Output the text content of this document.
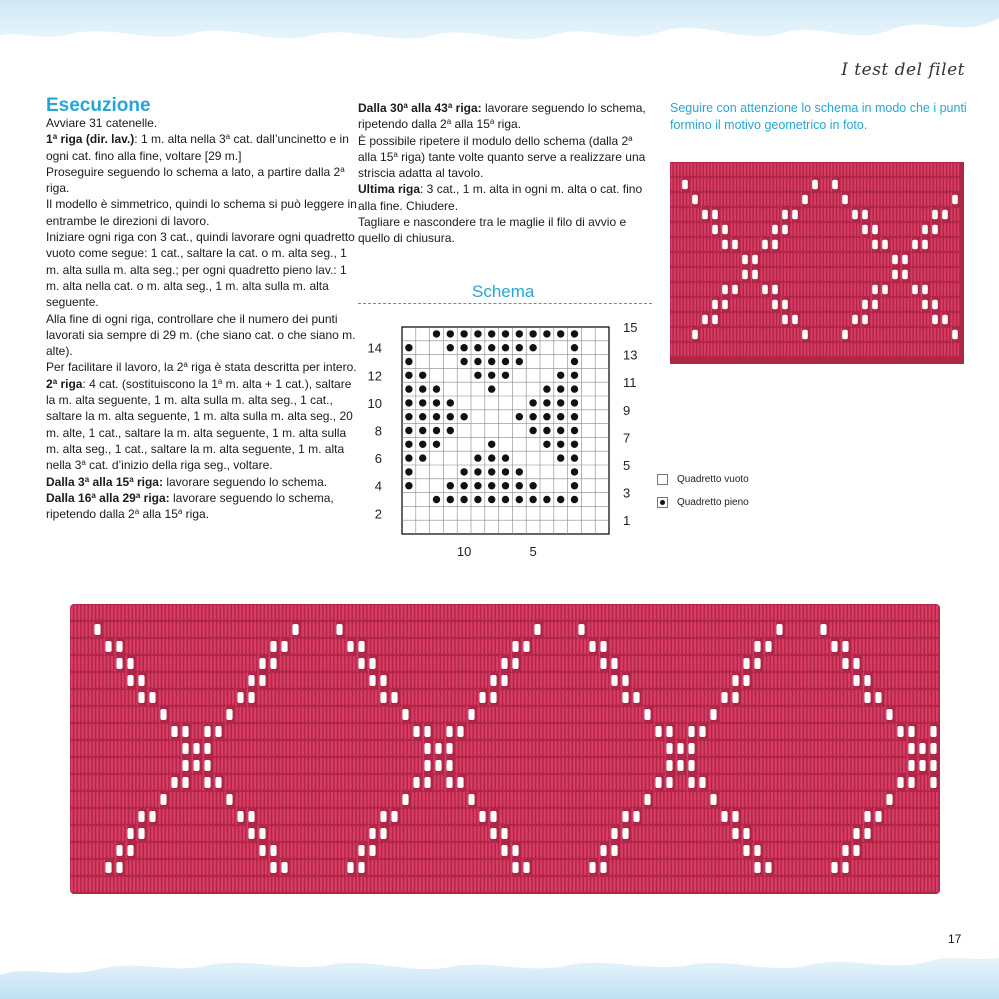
I test del filet
Esecuzione

Avviare 31 catenelle.

1$^a$ riga (dir. lav.): 1 m. alta nella 3$^a$ cat. dall’uncinetto e in ogni cat. fino alla fine, voltare [29 m.]

Proseguire seguendo lo schema a lato, a partire dalla 2$^a$ riga.

Il modello è simmetrico, quindi lo schema si può leggere in entrambe le direzioni di lavoro.

Iniziare ogni riga con 3 cat., quindi lavorare ogni quadretto vuoto come segue: 1 cat., saltare la cat. o m. alta seg., 1 m. alta sulla m. alta seg.; per ogni quadretto pieno lav.: 1 m. alta nella cat. o m. alta seg., 1 m. alta sulla m. alta seguente.

Alla fine di ogni riga, controllare che il numero dei punti lavorati sia sempre di 29 m. (che siano cat. o che siano m. alte).

Per facilitare il lavoro, la 2$^a$ riga è stata descritta per intero.

2$^a$ riga: 4 cat. (sostituiscono la 1$^a$ m. alta + 1 cat.), saltare la m. alta seguente, 1 m. alta sulla m. alta seg., 1 cat., saltare la m. alta seguente, 1 m. alta sulla m. alta seg., 20 m. alte, 1 cat., saltare la m. alta seguente, 1 m. alta sulla m. alta seg., 1 cat., saltare la m. alta seguente, 1 m. alta nella 3$^a$ cat. d’inizio della riga seg., voltare.

Dalla 3$^a$ alla 15$^a$ riga: lavorare seguendo lo schema.

Dalla 16$^a$ alla 29$^a$ riga: lavorare seguendo lo schema, ripetendo dalla 2$^a$ alla 15$^a$ riga.

Dalla 30$^a$ alla 43$^a$ riga: lavorare seguendo lo schema, ripetendo dalla 2$^a$ alla 15$^a$ riga.

È possibile ripetere il modulo dello schema (dalla 2$^a$ alla 15$^a$ riga) tante volte quanto serve a realizzare una striscia adatta al tavolo.

Ultima riga: 3 cat., 1 m. alta in ogni m. alta o cat. fino alla fine. Chiudere.

Tagliare e nascondere tra le maglie il filo di avvio e quello di chiusura.

Seguire con attenzione lo schema in modo che i punti formino il motivo geometrico in foto.
Schema
15
13
11
9
7
5
3
1
14
12
10
8
6
4
2
10	5
Quadretto vuoto
Quadretto pieno
17
